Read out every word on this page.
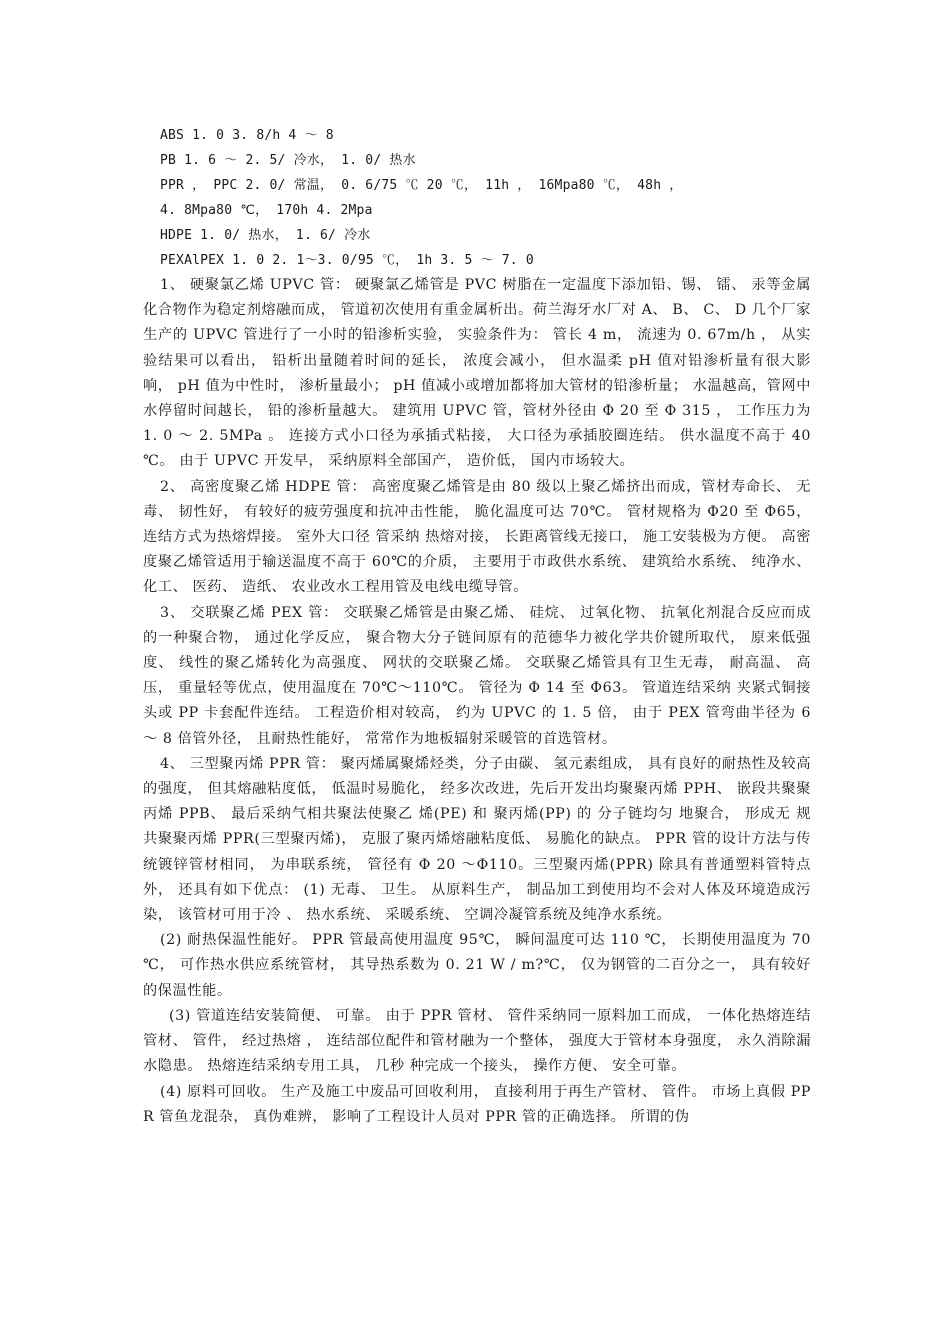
ABS 1. 0 3. 8/h 4 ～ 8
PB 1. 6 ～ 2. 5/ 冷水， 1. 0/ 热水
PPR ， PPC 2. 0/ 常温， 0. 6/75 ℃ 20 ℃， 11h ， 16Mpa80 ℃， 48h ，
4. 8Mpa80 ℃， 170h 4. 2Mpa
HDPE 1. 0/ 热水， 1. 6/ 冷水
PEXAlPEX 1. 0 2. 1～3. 0/95 ℃， 1h 3. 5 ～ 7. 0

1、 硬聚氯乙烯 UPVC 管： 硬聚氯乙烯管是 PVC 树脂在一定温度下添加铅、锡、 镭、 汞等金属化合物作为稳定剂熔融而成， 管道初次使用有重金属析出。荷兰海牙水厂对 A、 B、 C、 D 几个厂家生产的 UPVC 管进行了一小时的铅渗析实验， 实验条件为： 管长 4 m， 流速为 0. 67m/h ， 从实验结果可以看出， 铅析出量随着时间的延长， 浓度会减小， 但水温柔 pH 值对铅渗析量有很大影响， pH 值为中性时， 渗析量最小； pH 值减小或增加都将加大管材的铅渗析量； 水温越高，管网中水停留时间越长， 铅的渗析量越大。 建筑用 UPVC 管，管材外径由 Φ 20 至 Φ 315 ， 工作压力为 1. 0 ～ 2. 5MPa 。 连接方式小口径为承插式粘接， 大口径为承插胶圈连结。 供水温度不高于 40 ℃。 由于 UPVC 开发早， 采纳原料全部国产， 造价低， 国内市场较大。

2、 高密度聚乙烯 HDPE 管： 高密度聚乙烯管是由 80 级以上聚乙烯挤出而成，管材寿命长、 无毒、 韧性好， 有较好的疲劳强度和抗冲击性能， 脆化温度可达 70℃。 管材规格为 Φ20 至 Φ65， 连结方式为热熔焊接。 室外大口径 管采纳 热熔对接， 长距离管线无接口， 施工安装极为方便。 高密度聚乙烯管适用于输送温度不高于 60℃的介质， 主要用于市政供水系统、 建筑给水系统、 纯净水、 化工、 医药、 造纸、 农业改水工程用管及电线电缆导管。

3、 交联聚乙烯 PEX 管： 交联聚乙烯管是由聚乙烯、 硅烷、 过氧化物、 抗氧化剂混合反应而成的一种聚合物， 通过化学反应， 聚合物大分子链间原有的范德华力被化学共价键所取代， 原来低强度、 线性的聚乙烯转化为高强度、 网状的交联聚乙烯。 交联聚乙烯管具有卫生无毒， 耐高温、 高压， 重量轻等优点，使用温度在 70℃～110℃。 管径为 Φ 14 至 Φ63。 管道连结采纳 夹紧式铜接头或 PP 卡套配件连结。 工程造价相对较高， 约为 UPVC 的 1. 5 倍， 由于 PEX 管弯曲半径为 6 ～ 8 倍管外径， 且耐热性能好， 常常作为地板辐射采暖管的首选管材。

4、 三型聚丙烯 PPR 管： 聚丙烯属聚烯烃类，分子由碳、 氢元素组成， 具有良好的耐热性及较高的强度， 但其熔融粘度低， 低温时易脆化， 经多次改进，先后开发出均聚聚丙烯 PPH、 嵌段共聚聚丙烯 PPB、 最后采纳气相共聚法使聚乙 烯(PE) 和 聚丙烯(PP) 的 分子链均匀 地聚合， 形成无 规 共聚聚丙烯 PPR(三型聚丙烯)， 克服了聚丙烯熔融粘度低、 易脆化的缺点。 PPR 管的设计方法与传统镀锌管材相同， 为串联系统， 管径有 Φ 20 ～Φ110。三型聚丙烯(PPR) 除具有普通塑料管特点外， 还具有如下优点： (1) 无毒、 卫生。 从原料生产， 制品加工到使用均不会对人体及环境造成污染， 该管材可用于冷 、 热水系统、 采暖系统、 空调冷凝管系统及纯净水系统。

(2) 耐热保温性能好。 PPR 管最高使用温度 95℃， 瞬间温度可达 110 ℃， 长期使用温度为 70 ℃， 可作热水供应系统管材， 其导热系数为 0. 21 W / m?℃， 仅为钢管的二百分之一， 具有较好的保温性能。

(3) 管道连结安装简便、 可靠。 由于 PPR 管材、 管件采纳同一原料加工而成， 一体化热熔连结管材、 管件， 经过热熔 ， 连结部位配件和管材融为一个整体， 强度大于管材本身强度， 永久消除漏水隐患。 热熔连结采纳专用工具， 几秒 种完成一个接头， 操作方便、 安全可靠。

(4) 原料可回收。 生产及施工中废品可回收利用， 直接利用于再生产管材、 管件。 市场上真假 PPR 管鱼龙混杂， 真伪难辨， 影响了工程设计人员对 PPR 管的正确选择。 所谓的伪
